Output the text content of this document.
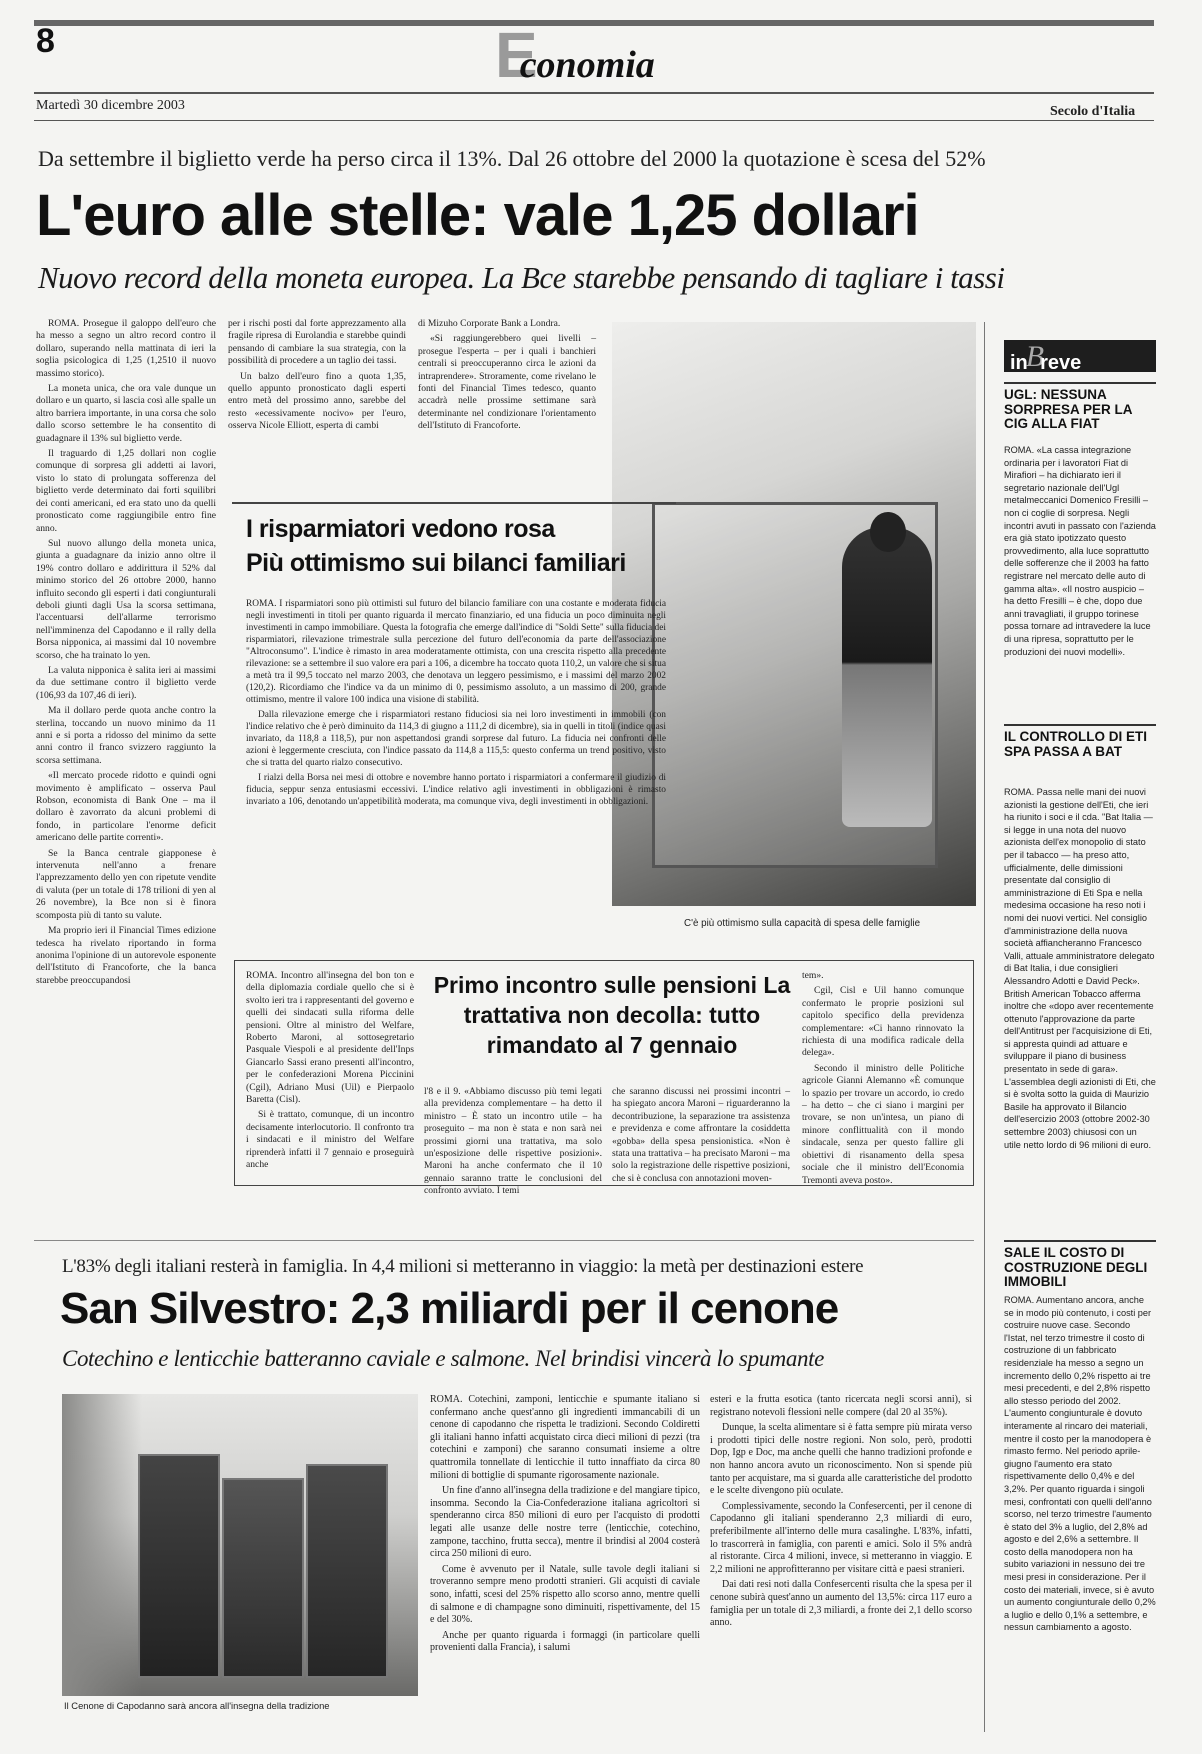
8	Economia
Martedì 30 dicembre 2003	Secolo d'Italia
Da settembre il biglietto verde ha perso circa il 13%. Dal 26 ottobre del 2000 la quotazione è scesa del 52%
L'euro alle stelle: vale 1,25 dollari
Nuovo record della moneta europea. La Bce starebbe pensando di tagliare i tassi

ROMA. Prosegue il galoppo dell'euro che ha messo a segno un altro record contro il dollaro, superando nella mattinata di ieri la soglia psicologica di 1,25 (1,2510 il nuovo massimo storico).

La moneta unica, che ora vale dunque un dollaro e un quarto, si lascia così alle spalle un altro barriera importante, in una corsa che solo dallo scorso settembre le ha consentito di guadagnare il 13% sul biglietto verde.

Il traguardo di 1,25 dollari non coglie comunque di sorpresa gli addetti ai lavori, visto lo stato di prolungata sofferenza del biglietto verde determinato dai forti squilibri dei conti americani, ed era stato uno da quelli pronosticato come raggiungibile entro fine anno.

Sul nuovo allungo della moneta unica, giunta a guadagnare da inizio anno oltre il 19% contro dollaro e addirittura il 52% dal minimo storico del 26 ottobre 2000, hanno influito secondo gli esperti i dati congiunturali deboli giunti dagli Usa la scorsa settimana, l'accentuarsi dell'allarme terrorismo nell'imminenza del Capodanno e il rally della Borsa nipponica, ai massimi dal 10 novembre scorso, che ha trainato lo yen.

La valuta nipponica è salita ieri ai massimi da due settimane contro il biglietto verde (106,93 da 107,46 di ieri).

Ma il dollaro perde quota anche contro la sterlina, toccando un nuovo minimo da 11 anni e si porta a ridosso del minimo da sette anni contro il franco svizzero raggiunto la scorsa settimana.

«Il mercato procede ridotto e quindi ogni movimento è amplificato – osserva Paul Robson, economista di Bank One – ma il dollaro è zavorrato da alcuni problemi di fondo, in particolare l'enorme deficit americano delle partite correnti».

Se la Banca centrale giapponese è intervenuta nell'anno a frenare l'apprezzamento dello yen con ripetute vendite di valuta (per un totale di 178 trilioni di yen al 26 novembre), la Bce non si è finora scomposta più di tanto su valute.

Ma proprio ieri il Financial Times edizione tedesca ha rivelato riportando in forma anonima l'opinione di un autorevole esponente dell'Istituto di Francoforte, che la banca starebbe preoccupandosi

per i rischi posti dal forte apprezzamento alla fragile ripresa di Eurolandia e starebbe quindi pensando di cambiare la sua strategia, con la possibilità di procedere a un taglio dei tassi.

Un balzo dell'euro fino a quota 1,35, quello appunto pronosticato dagli esperti entro metà del prossimo anno, sarebbe del resto «ecessivamente nocivo» per l'euro, osserva Nicole Elliott, esperta di cambi

di Mizuho Corporate Bank a Londra.

«Si raggiungerebbero quei livelli – prosegue l'esperta – per i quali i banchieri centrali si preoccuperanno circa le azioni da intraprendere». Stroramente, come rivelano le fonti del Financial Times tedesco, quanto accadrà nelle prossime settimane sarà determinante nel condizionare l'orientamento dell'Istituto di Francoforte.

C'è più ottimismo sulla capacità di spesa delle famiglie
I risparmiatori vedono rosa
Più ottimismo sui bilanci familiari

ROMA. I risparmiatori sono più ottimisti sul futuro del bilancio familiare con una costante e moderata fiducia negli investimenti in titoli per quanto riguarda il mercato finanziario, ed una fiducia un poco diminuita negli investimenti in campo immobiliare. Questa la fotografia che emerge dall'indice di "Soldi Sette" sulla fiducia dei risparmiatori, rilevazione trimestrale sulla percezione del futuro dell'economia da parte dell'associazione "Altroconsumo". L'indice è rimasto in area moderatamente ottimista, con una crescita rispetto alla precedente rilevazione: se a settembre il suo valore era pari a 106, a dicembre ha toccato quota 110,2, un valore che si situa a metà tra il 99,5 toccato nel marzo 2003, che denotava un leggero pessimismo, e i massimi del marzo 2002 (120,2). Ricordiamo che l'indice va da un minimo di 0, pessimismo assoluto, a un massimo di 200, grande ottimismo, mentre il valore 100 indica una visione di stabilità.

Dalla rilevazione emerge che i risparmiatori restano fiduciosi sia nei loro investimenti in immobili (con l'indice relativo che è però diminuito da 114,3 di giugno a 111,2 di dicembre), sia in quelli in titoli (indice quasi invariato, da 118,8 a 118,5), pur non aspettandosi grandi sorprese dal futuro. La fiducia nei confronti delle azioni è leggermente cresciuta, con l'indice passato da 114,8 a 115,5: questo conferma un trend positivo, visto che si tratta del quarto rialzo consecutivo.

I rialzi della Borsa nei mesi di ottobre e novembre hanno portato i risparmiatori a confermare il giudizio di fiducia, seppur senza entusiasmi eccessivi. L'indice relativo agli investimenti in obbligazioni è rimasto invariato a 106, denotando un'appetibilità moderata, ma comunque viva, degli investimenti in obbligazioni.

ROMA. Incontro all'insegna del bon ton e della diplomazia cordiale quello che si è svolto ieri tra i rappresentanti del governo e quelli dei sindacati sulla riforma delle pensioni. Oltre al ministro del Welfare, Roberto Maroni, al sottosegretario Pasquale Viespoli e al presidente dell'Inps Giancarlo Sassi erano presenti all'incontro, per le confederazioni Morena Piccinini (Cgil), Adriano Musi (Uil) e Pierpaolo Baretta (Cisl).

Si è trattato, comunque, di un incontro decisamente interlocutorio. Il confronto tra i sindacati e il ministro del Welfare riprenderà infatti il 7 gennaio e proseguirà anche

Primo incontro sulle pensioni La trattativa non decolla: tutto rimandato al 7 gennaio

l'8 e il 9. «Abbiamo discusso più temi legati alla previdenza complementare – ha detto il ministro – È stato un incontro utile – ha proseguito – ma non è stata e non sarà nei prossimi giorni una trattativa, ma solo un'esposizione delle rispettive posizioni». Maroni ha anche confermato che il 10 gennaio saranno tratte le conclusioni del confronto avviato. I temi

che saranno discussi nei prossimi incontri – ha spiegato ancora Maroni – riguarderanno la decontribuzione, la separazione tra assistenza e previdenza e come affrontare la cosiddetta «gobba» della spesa pensionistica. «Non è stata una trattativa – ha precisato Maroni – ma solo la registrazione delle rispettive posizioni, che si è conclusa con annotazioni moven-

tem».

Cgil, Cisl e Uil hanno comunque confermato le proprie posizioni sul capitolo specifico della previdenza complementare: «Ci hanno rinnovato la richiesta di una modifica radicale della delega».

Secondo il ministro delle Politiche agricole Gianni Alemanno «È comunque lo spazio per trovare un accordo, io credo – ha detto – che ci siano i margini per trovare, se non un'intesa, un piano di minore conflittualità con il mondo sindacale, senza per questo fallire gli obiettivi di risanamento della spesa sociale che il ministro dell'Economia Tremonti aveva posto».

inBreve
UGL: NESSUNA SORPRESA PER LA CIG ALLA FIAT
ROMA. «La cassa integrazione ordinaria per i lavoratori Fiat di Mirafiori – ha dichiarato ieri il segretario nazionale dell'Ugl metalmeccanici Domenico Fresilli – non ci coglie di sorpresa. Negli incontri avuti in passato con l'azienda era già stato ipotizzato questo provvedimento, alla luce soprattutto delle sofferenze che il 2003 ha fatto registrare nel mercato delle auto di gamma alta». «Il nostro auspicio – ha detto Fresilli – è che, dopo due anni travagliati, il gruppo torinese possa tornare ad intravedere la luce di una ripresa, soprattutto per le produzioni dei nuovi modelli».
IL CONTROLLO DI ETI SPA PASSA A BAT
ROMA. Passa nelle mani dei nuovi azionisti la gestione dell'Eti, che ieri ha riunito i soci e il cda. "Bat Italia — si legge in una nota del nuovo azionista dell'ex monopolio di stato per il tabacco — ha preso atto, ufficialmente, delle dimissioni presentate dal consiglio di amministrazione di Eti Spa e nella medesima occasione ha reso noti i nomi dei nuovi vertici. Nel consiglio d'amministrazione della nuova società affiancheranno Francesco Valli, attuale amministratore delegato di Bat Italia, i due consiglieri Alessandro Adotti e David Peck». British American Tobacco afferma inoltre che «dopo aver recentemente ottenuto l'approvazione da parte dell'Antitrust per l'acquisizione di Eti, si appresta quindi ad attuare e sviluppare il piano di business presentato in sede di gara». L'assemblea degli azionisti di Eti, che si è svolta sotto la guida di Maurizio Basile ha approvato il Bilancio dell'esercizio 2003 (ottobre 2002-30 settembre 2003) chiusosi con un utile netto lordo di 96 milioni di euro.
SALE IL COSTO DI COSTRUZIONE DEGLI IMMOBILI
ROMA. Aumentano ancora, anche se in modo più contenuto, i costi per costruire nuove case. Secondo l'Istat, nel terzo trimestre il costo di costruzione di un fabbricato residenziale ha messo a segno un incremento dello 0,2% rispetto ai tre mesi precedenti, e del 2,8% rispetto allo stesso periodo del 2002. L'aumento congiunturale è dovuto interamente al rincaro dei materiali, mentre il costo per la manodopera è rimasto fermo. Nel periodo aprile-giugno l'aumento era stato rispettivamente dello 0,4% e del 3,2%. Per quanto riguarda i singoli mesi, confrontati con quelli dell'anno scorso, nel terzo trimestre l'aumento è stato del 3% a luglio, del 2,8% ad agosto e del 2,6% a settembre. Il costo della manodopera non ha subito variazioni in nessuno dei tre mesi presi in considerazione. Per il costo dei materiali, invece, si è avuto un aumento congiunturale dello 0,2% a luglio e dello 0,1% a settembre, e nessun cambiamento a agosto.
L'83% degli italiani resterà in famiglia. In 4,4 milioni si metteranno in viaggio: la metà per destinazioni estere
San Silvestro: 2,3 miliardi per il cenone
Cotechino e lenticchie batteranno caviale e salmone. Nel brindisi vincerà lo spumante
Il Cenone di Capodanno sarà ancora all'insegna della tradizione

ROMA. Cotechini, zamponi, lenticchie e spumante italiano si confermano anche quest'anno gli ingredienti immancabili di un cenone di capodanno che rispetta le tradizioni. Secondo Coldiretti gli italiani hanno infatti acquistato circa dieci milioni di pezzi (tra cotechini e zamponi) che saranno consumati insieme a oltre quattromila tonnellate di lenticchie il tutto innaffiato da circa 80 milioni di bottiglie di spumante rigorosamente nazionale.

Un fine d'anno all'insegna della tradizione e del mangiare tipico, insomma. Secondo la Cia-Confederazione italiana agricoltori si spenderanno circa 850 milioni di euro per l'acquisto di prodotti legati alle usanze delle nostre terre (lenticchie, cotechino, zampone, tacchino, frutta secca), mentre il brindisi al 2004 costerà circa 250 milioni di euro.

Come è avvenuto per il Natale, sulle tavole degli italiani si troveranno sempre meno prodotti stranieri. Gli acquisti di caviale sono, infatti, scesi del 25% rispetto allo scorso anno, mentre quelli di salmone e di champagne sono diminuiti, rispettivamente, del 15 e del 30%.

Anche per quanto riguarda i formaggi (in particolare quelli provenienti dalla Francia), i salumi

esteri e la frutta esotica (tanto ricercata negli scorsi anni), si registrano notevoli flessioni nelle compere (dal 20 al 35%).

Dunque, la scelta alimentare si è fatta sempre più mirata verso i prodotti tipici delle nostre regioni. Non solo, però, prodotti Dop, Igp e Doc, ma anche quelli che hanno tradizioni profonde e non hanno ancora avuto un riconoscimento. Non si spende più tanto per acquistare, ma si guarda alle caratteristiche del prodotto e le scelte divengono più oculate.

Complessivamente, secondo la Confesercenti, per il cenone di Capodanno gli italiani spenderanno 2,3 miliardi di euro, preferibilmente all'interno delle mura casalinghe. L'83%, infatti, lo trascorrerà in famiglia, con parenti e amici. Solo il 5% andrà al ristorante. Circa 4 milioni, invece, si metteranno in viaggio. E 2,2 milioni ne approfitteranno per visitare città e paesi stranieri.

Dai dati resi noti dalla Confesercenti risulta che la spesa per il cenone subirà quest'anno un aumento del 13,5%: circa 117 euro a famiglia per un totale di 2,3 miliardi, a fronte dei 2,1 dello scorso anno.
